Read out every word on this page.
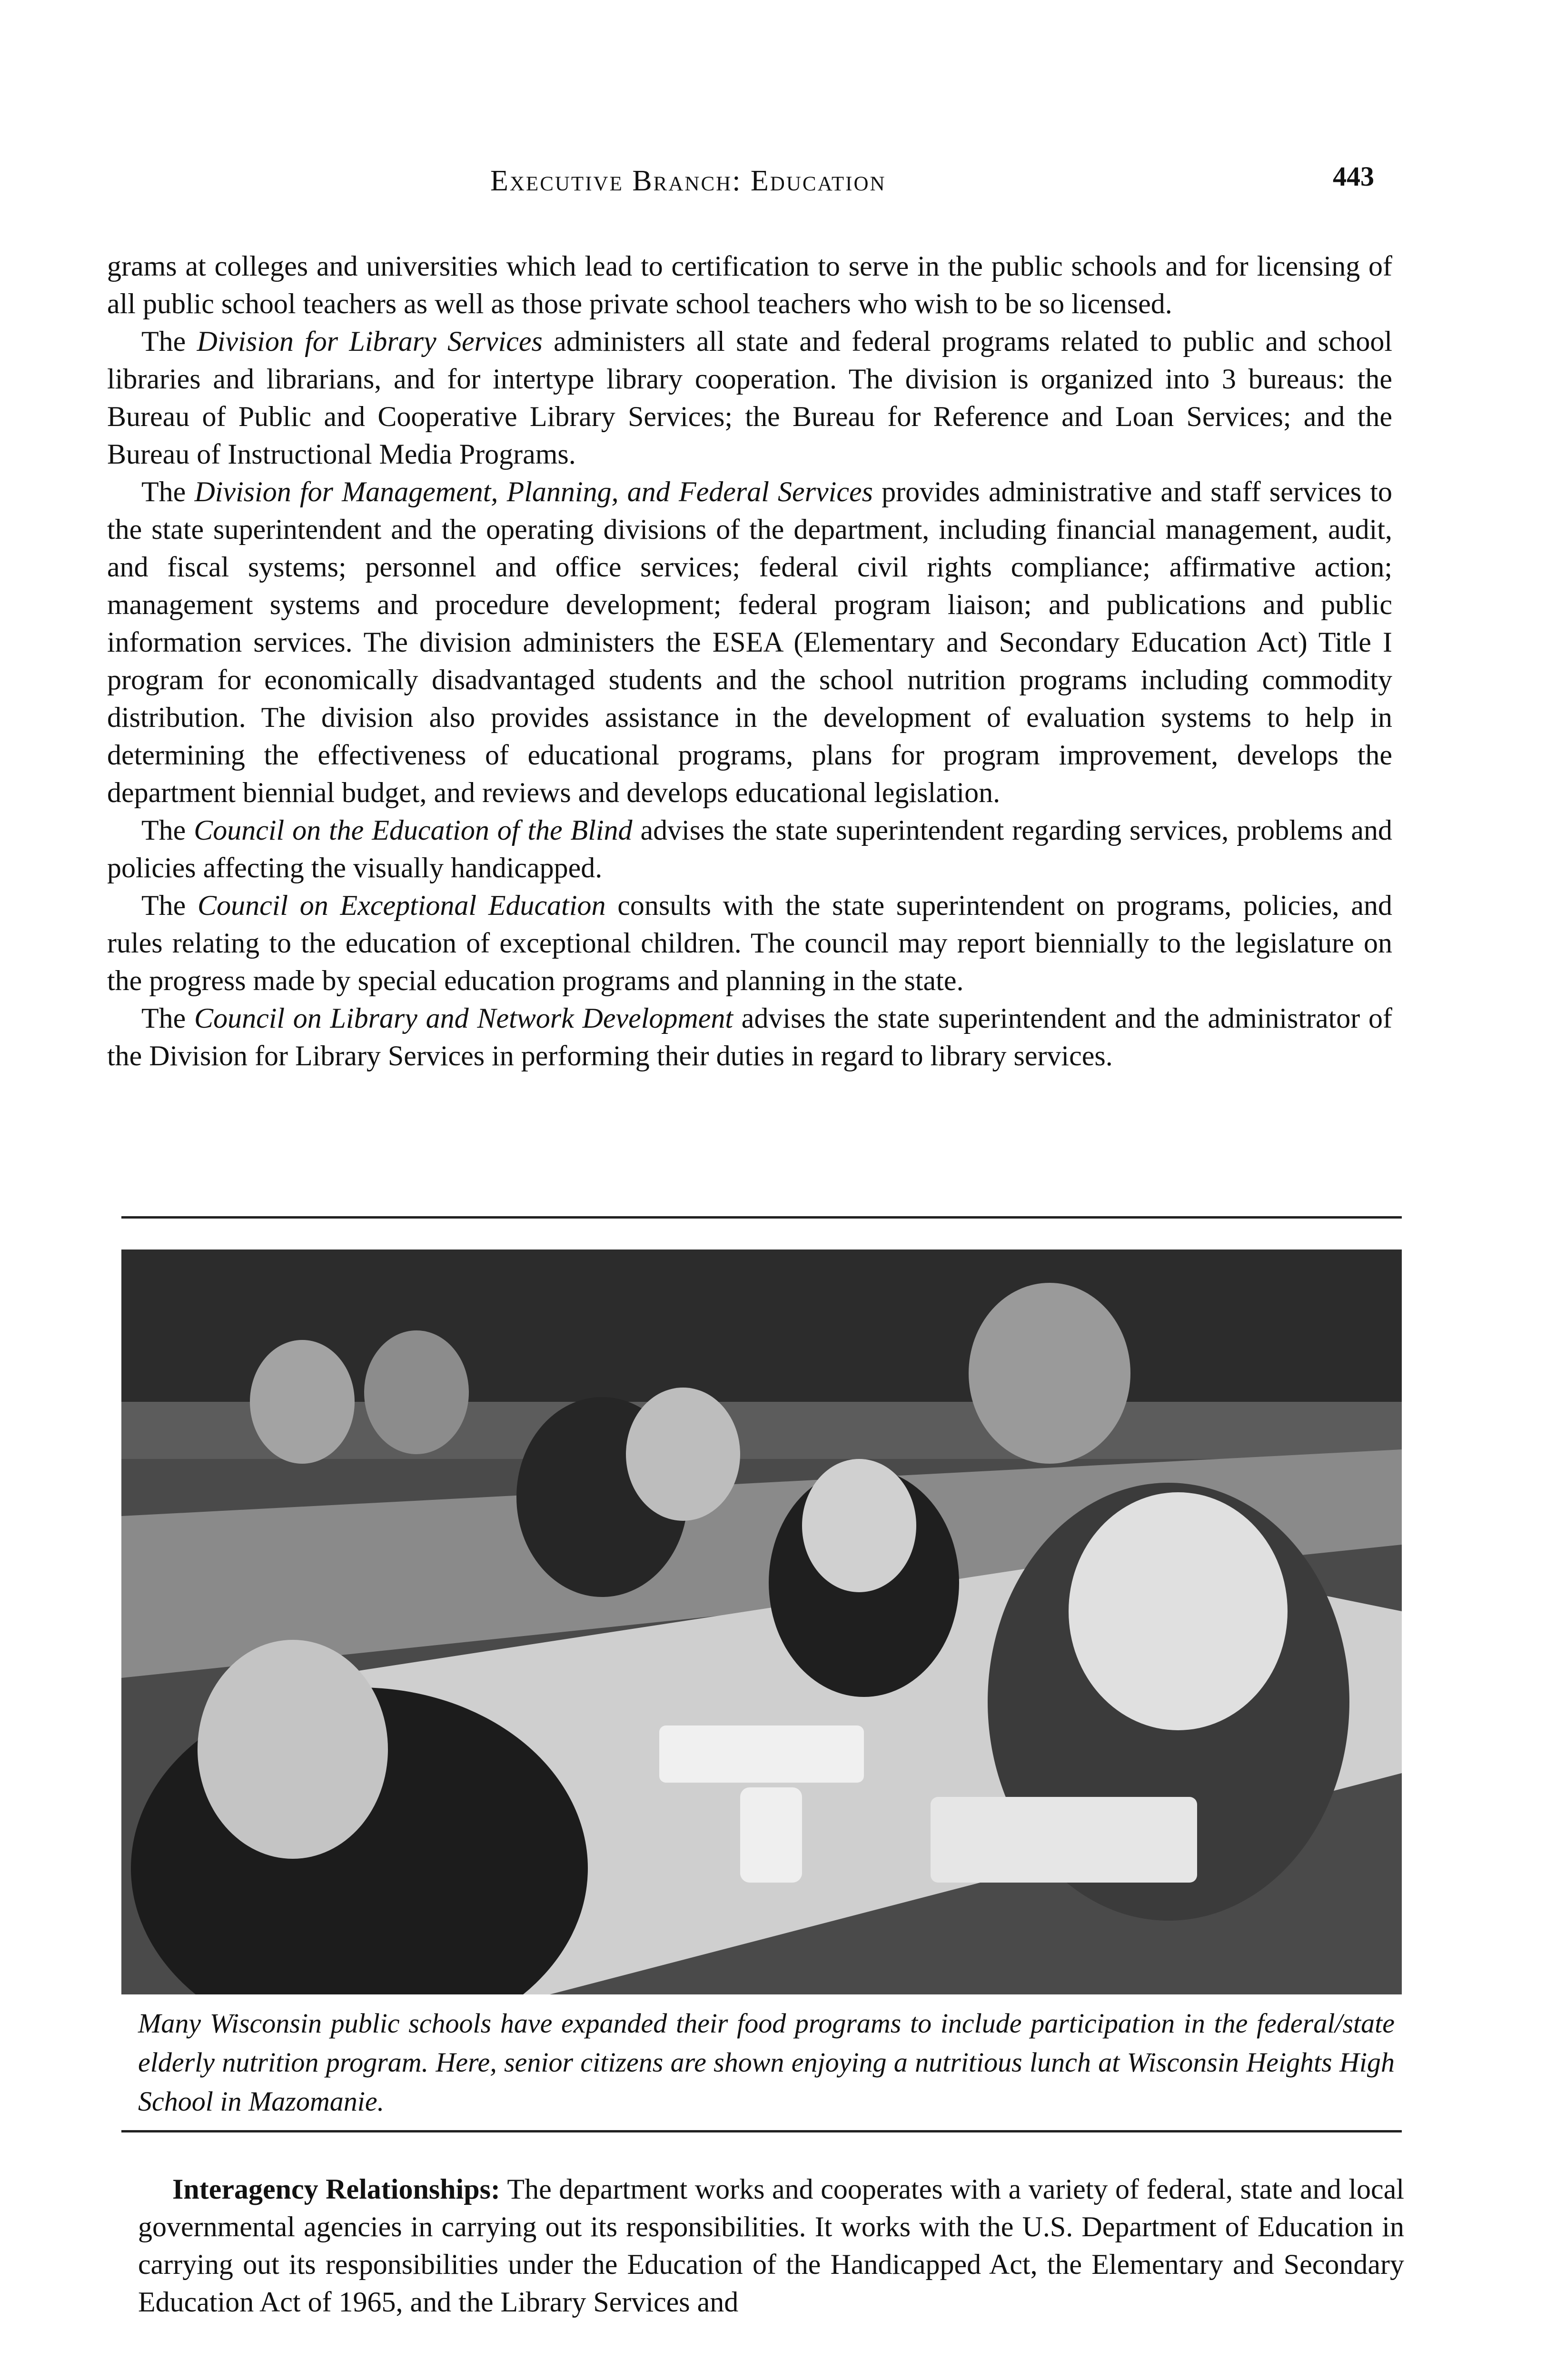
Executive Branch: Education	443

grams at colleges and universities which lead to certification to serve in the public schools and for licensing of all public school teachers as well as those private school teachers who wish to be so licensed.

The Division for Library Services administers all state and federal programs related to public and school libraries and librarians, and for intertype library cooperation. The division is organized into 3 bureaus: the Bureau of Public and Cooperative Library Services; the Bureau for Reference and Loan Services; and the Bureau of Instructional Media Programs.

The Division for Management, Planning, and Federal Services provides administrative and staff services to the state superintendent and the operating divisions of the department, including financial management, audit, and fiscal systems; personnel and office services; federal civil rights compliance; affirmative action; management systems and procedure development; federal program liaison; and publications and public information services. The division administers the ESEA (Elementary and Secondary Education Act) Title I program for economically disadvantaged students and the school nutrition programs including commodity distribution. The division also provides assistance in the development of evaluation systems to help in determining the effectiveness of educational programs, plans for program improvement, develops the department biennial budget, and reviews and develops educational legislation.

The Council on the Education of the Blind advises the state superintendent regarding services, problems and policies affecting the visually handicapped.

The Council on Exceptional Education consults with the state superintendent on programs, policies, and rules relating to the education of exceptional children. The council may report biennially to the legislature on the progress made by special education programs and planning in the state.

The Council on Library and Network Development advises the state superintendent and the administrator of the Division for Library Services in performing their duties in regard to library services.

Many Wisconsin public schools have expanded their food programs to include participation in the federal/state elderly nutrition program. Here, senior citizens are shown enjoying a nutritious lunch at Wisconsin Heights High School in Mazomanie.

Interagency Relationships: The department works and cooperates with a variety of federal, state and local governmental agencies in carrying out its responsibilities. It works with the U.S. Department of Education in carrying out its responsibilities under the Education of the Handicapped Act, the Elementary and Secondary Education Act of 1965, and the Library Services and
